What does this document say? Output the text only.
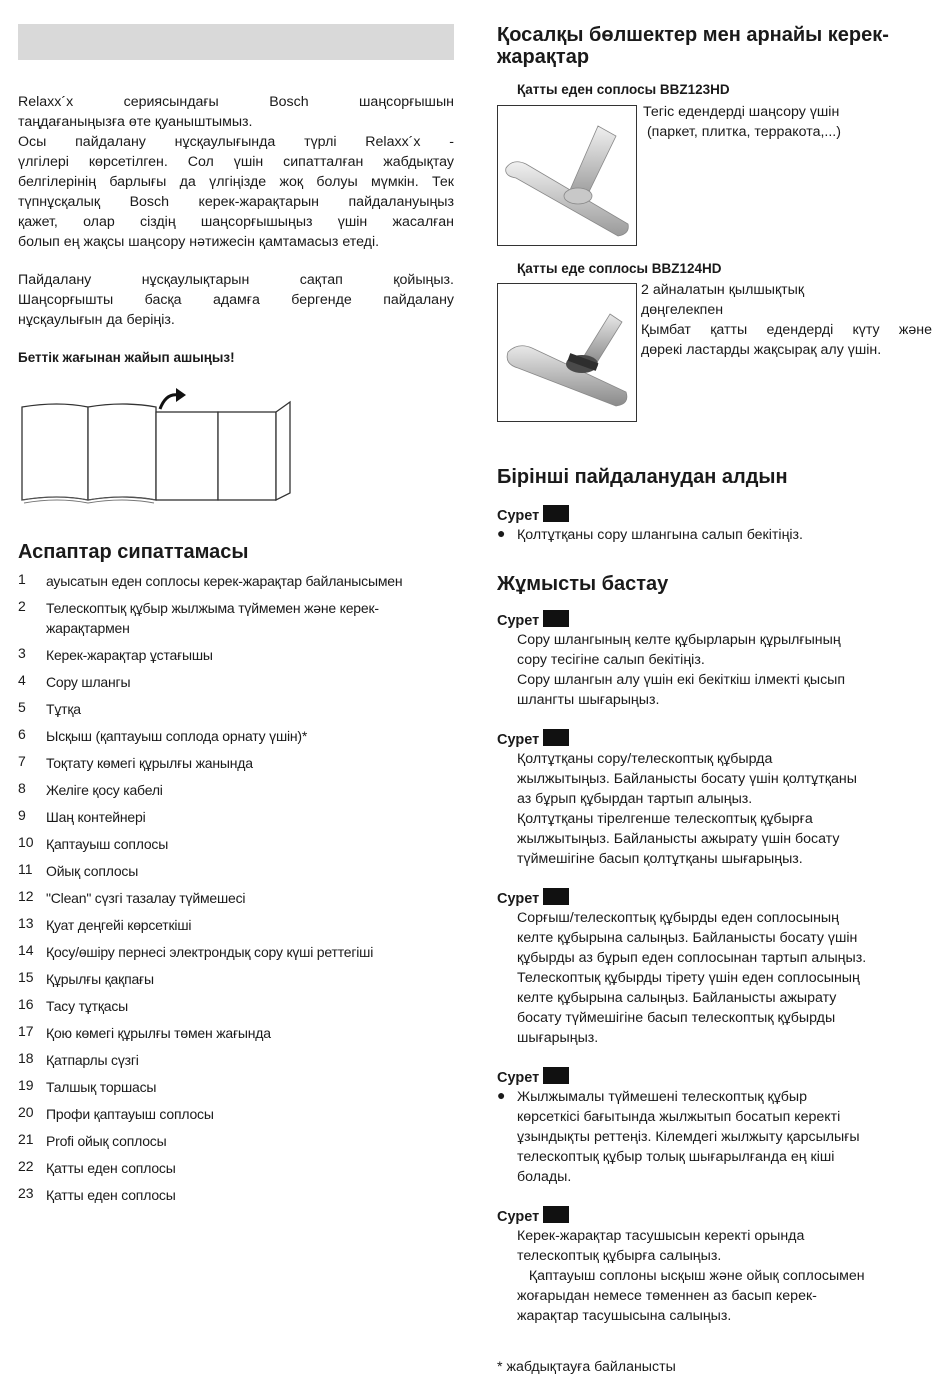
Relaxx´x	сериясындағы	Bosch	шаңсорғышын
таңдағаныңызға өте қуаныштымыз.
Осы пайдалану нұсқаулығында түрлі Relaxx´x -
үлгілері көрсетілген. Сол үшін сипатталған жабдықтау
белгілерінің барлығы да үлгіңізде жоқ болуы мүмкін. Тек
түпнұсқалық Bosch керек-жарақтарын пайдалануыңыз
қажет, олар сіздің шаңсорғышыңыз үшін жасалған
болып ең жақсы шаңсору нәтижесін қамтамасыз етеді.
Пайдалану нұсқаулықтарын сақтап қойыңыз.
Шаңсорғышты басқа адамға бергенде пайдалану
нұсқаулығын да беріңіз.
Беттік жағынан жайып ашыңыз!
Аспаптар сипаттамасы
1	ауысатын еден соплосы керек-жарақтар байланысымен
2	Телескоптық құбыр жылжыма түймемен және керек-
жарақтармен
3	Керек-жарақтар ұстағышы
4	Сору шлангы
5	Тұтқа
6	Ысқыш (қаптауыш соплода орнату үшін)*
7	Тоқтату көмегі құрылғы жанында
8	Желіге қосу кабелі
9	Шаң контейнері
10 Қаптауыш соплосы
11 Ойық соплосы
12 "Clean" сүзгі тазалау түймешесі
13 Қуат деңгейі көрсеткіші
14 Қосу/өшіру пернесі электрондық сору күші реттегіші
15 Құрылғы қақпағы
16 Тасу тұтқасы
17 Қою көмегі құрылғы төмен жағында
18 Қатпарлы сүзгі
19 Талшық торшасы
20 Профи қаптауыш соплосы
21 Profi ойық соплосы
22 Қатты еден соплосы
23 Қатты еден соплосы
Қосалқы бөлшектер мен арнайы керек-
жарақтар
Қатты еден соплосы BBZ123HD
Тегіс едендерді шаңсору үшін
(паркет, плитка, терракота,...)
Қатты еде соплосы BBZ124HD
2 айналатын қылшықтық
дөңгелекпен
Қымбат қатты едендерді күту және
дөрекі ластарды жақсырақ алу үшін.
Бірінші пайдаланудан алдын
Сурет
● Қолтұтқаны сору шлангына салып бекітіңіз.
Жұмысты бастау
Сурет
Сору шлангының келте құбырларын құрылғының
сору тесігіне салып бекітіңіз.
Сору шлангын алу үшін екі бекіткіш ілмекті қысып
шлангты шығарыңыз.
Сурет
Қолтұтқаны сору/телескоптық құбырда
жылжытыңыз. Байланысты босату үшін қолтұтқаны
аз бұрып құбырдан тартып алыңыз.
Қолтұтқаны тірелгенше телескоптық құбырға
жылжытыңыз. Байланысты ажырату үшін босату
түймешігіне басып қолтұтқаны шығарыңыз.
Сурет
Сорғыш/телескоптық құбырды еден соплосының
келте құбырына салыңыз. Байланысты босату үшін
құбырды аз бұрып еден соплосынан тартып алыңыз.
Телескоптық құбырды тірету үшін еден соплосының
келте құбырына салыңыз. Байланысты ажырату
босату түймешігіне басып телескоптық құбырды
шығарыңыз.
Сурет
● Жылжымалы түймешені телескоптық құбыр
көрсеткісі бағытында жылжытып босатып керекті
ұзындықты реттеңіз. Кілемдегі жылжыту қарсылығы
телескоптық құбыр толық шығарылғанда ең кіші
болады.
Сурет
Керек-жарақтар тасушысын керекті орында
телескоптық құбырға салыңыз.
Қаптауыш соплоны ысқыш және ойық соплосымен
жоғарыдан немесе төменнен аз басып керек-
жарақтар тасушысына салыңыз.
* жабдықтауға байланысты
